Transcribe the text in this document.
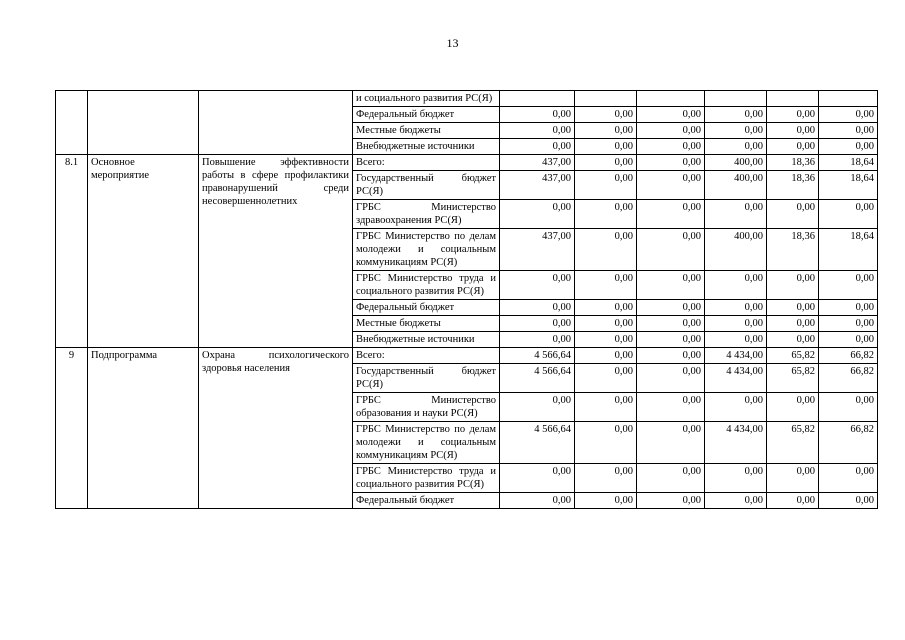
13
			и социального развития РС(Я)						
			Федеральный бюджет	0,00	0,00	0,00	0,00	0,00	0,00
			Местные бюджеты	0,00	0,00	0,00	0,00	0,00	0,00
			Внебюджетные источники	0,00	0,00	0,00	0,00	0,00	0,00
8.1	Основное мероприятие	Повышение эффективности работы в сфере профилактики правонарушений среди несовершеннолетних	Всего:	437,00	0,00	0,00	400,00	18,36	18,64
			Государственный бюджет РС(Я)	437,00	0,00	0,00	400,00	18,36	18,64
			ГРБС Министерство здравоохранения РС(Я)	0,00	0,00	0,00	0,00	0,00	0,00
			ГРБС Министерство по делам молодежи и социальным коммуникациям РС(Я)	437,00	0,00	0,00	400,00	18,36	18,64
			ГРБС Министерство труда и социального развития РС(Я)	0,00	0,00	0,00	0,00	0,00	0,00
			Федеральный бюджет	0,00	0,00	0,00	0,00	0,00	0,00
			Местные бюджеты	0,00	0,00	0,00	0,00	0,00	0,00
			Внебюджетные источники	0,00	0,00	0,00	0,00	0,00	0,00
9	Подпрограмма	Охрана психологического здоровья населения	Всего:	4 566,64	0,00	0,00	4 434,00	65,82	66,82
			Государственный бюджет РС(Я)	4 566,64	0,00	0,00	4 434,00	65,82	66,82
			ГРБС Министерство образования и науки РС(Я)	0,00	0,00	0,00	0,00	0,00	0,00
			ГРБС Министерство по делам молодежи и социальным коммуникациям РС(Я)	4 566,64	0,00	0,00	4 434,00	65,82	66,82
			ГРБС Министерство труда и социального развития РС(Я)	0,00	0,00	0,00	0,00	0,00	0,00
			Федеральный бюджет	0,00	0,00	0,00	0,00	0,00	0,00
